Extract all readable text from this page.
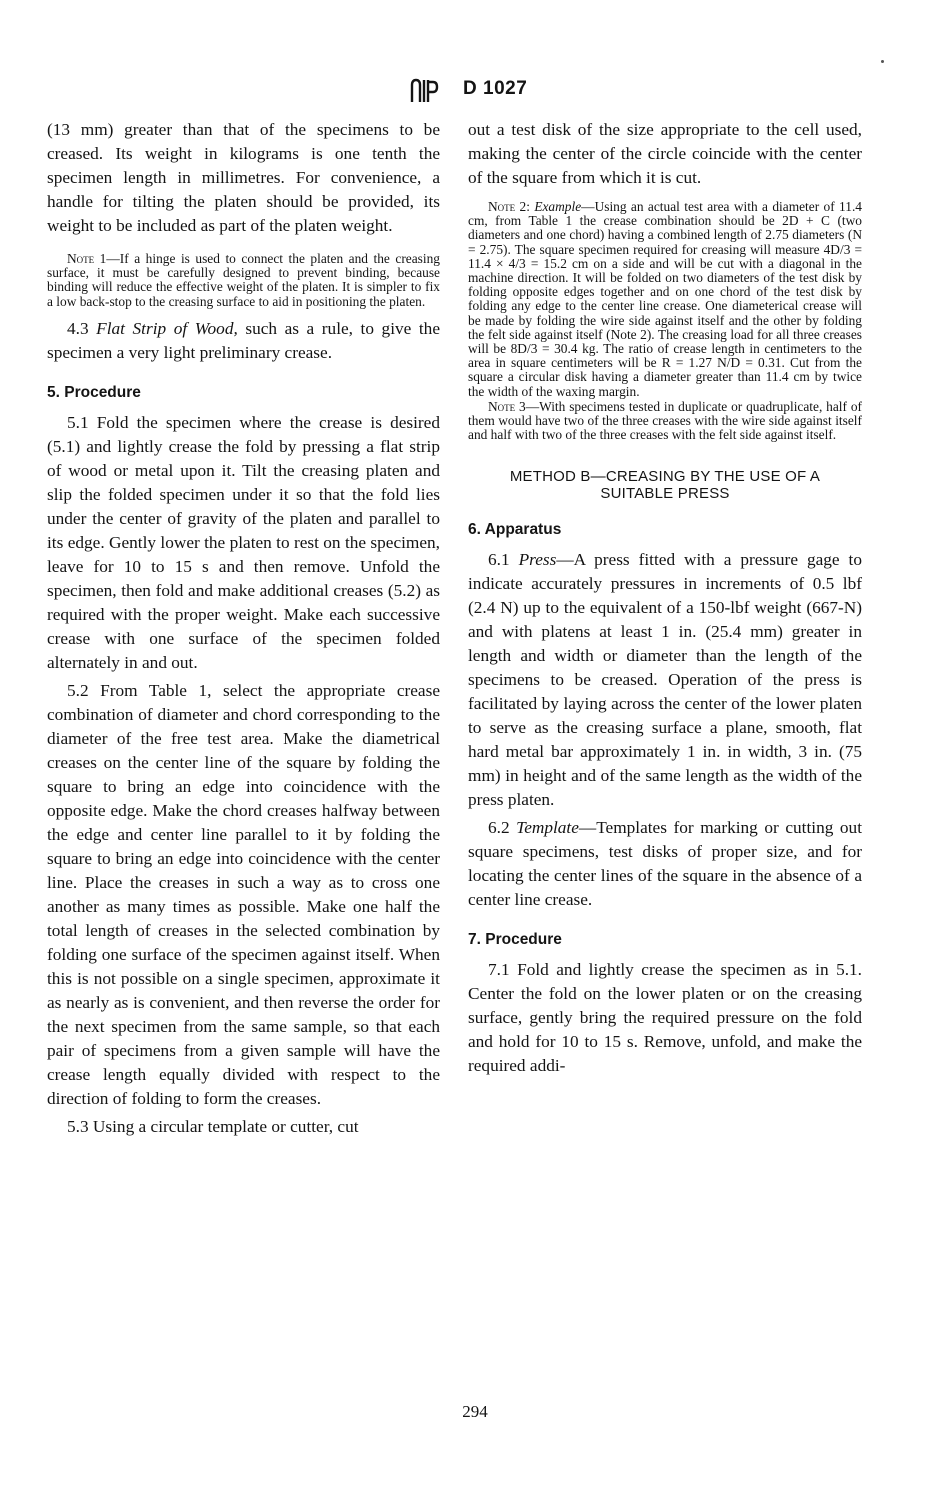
D 1027

(13 mm) greater than that of the specimens to be creased. Its weight in kilograms is one tenth the specimen length in millimetres. For convenience, a handle for tilting the platen should be provided, its weight to be included as part of the platen weight.

Note 1—If a hinge is used to connect the platen and the creasing surface, it must be carefully designed to prevent binding, because binding will reduce the effective weight of the platen. It is simpler to fix a low back-stop to the creasing surface to aid in positioning the platen.

4.3 Flat Strip of Wood, such as a rule, to give the specimen a very light preliminary crease.

5. Procedure

5.1 Fold the specimen where the crease is desired (5.1) and lightly crease the fold by pressing a flat strip of wood or metal upon it. Tilt the creasing platen and slip the folded specimen under it so that the fold lies under the center of gravity of the platen and parallel to its edge. Gently lower the platen to rest on the specimen, leave for 10 to 15 s and then remove. Unfold the specimen, then fold and make additional creases (5.2) as required with the proper weight. Make each successive crease with one surface of the specimen folded alternately in and out.

5.2 From Table 1, select the appropriate crease combination of diameter and chord corresponding to the diameter of the free test area. Make the diametrical creases on the center line of the square by folding the square to bring an edge into coincidence with the opposite edge. Make the chord creases halfway between the edge and center line parallel to it by folding the square to bring an edge into coincidence with the center line. Place the creases in such a way as to cross one another as many times as possible. Make one half the total length of creases in the selected combination by folding one surface of the specimen against itself. When this is not possible on a single specimen, approximate it as nearly as is convenient, and then reverse the order for the next specimen from the same sample, so that each pair of specimens from a given sample will have the crease length equally divided with respect to the direction of folding to form the creases.

5.3 Using a circular template or cutter, cut

out a test disk of the size appropriate to the cell used, making the center of the circle coincide with the center of the square from which it is cut.

Note 2: Example—Using an actual test area with a diameter of 11.4 cm, from Table 1 the crease combination should be 2D + C (two diameters and one chord) having a combined length of 2.75 diameters (N = 2.75). The square specimen required for creasing will measure 4D/3 = 11.4 × 4/3 = 15.2 cm on a side and will be cut with a diagonal in the machine direction. It will be folded on two diameters of the test disk by folding opposite edges together and on one chord of the test disk by folding any edge to the center line crease. One diameterical crease will be made by folding the wire side against itself and the other by folding the felt side against itself (Note 2). The creasing load for all three creases will be 8D/3 = 30.4 kg. The ratio of crease length in centimeters to the area in square centimeters will be R = 1.27 N/D = 0.31. Cut from the square a circular disk having a diameter greater than 11.4 cm by twice the width of the waxing margin.

Note 3—With specimens tested in duplicate or quadruplicate, half of them would have two of the three creases with the wire side against itself and half with two of the three creases with the felt side against itself.

METHOD B—CREASING BY THE USE OF A
SUITABLE PRESS
6. Apparatus

6.1 Press—A press fitted with a pressure gage to indicate accurately pressures in increments of 0.5 lbf (2.4 N) up to the equivalent of a 150-lbf weight (667-N) and with platens at least 1 in. (25.4 mm) greater in length and width or diameter than the length of the specimens to be creased. Operation of the press is facilitated by laying across the center of the lower platen to serve as the creasing surface a plane, smooth, flat hard metal bar approximately 1 in. in width, 3 in. (75 mm) in height and of the same length as the width of the press platen.

6.2 Template—Templates for marking or cutting out square specimens, test disks of proper size, and for locating the center lines of the square in the absence of a center line crease.

7. Procedure

7.1 Fold and lightly crease the specimen as in 5.1. Center the fold on the lower platen or on the creasing surface, gently bring the required pressure on the fold and hold for 10 to 15 s. Remove, unfold, and make the required addi-

294
